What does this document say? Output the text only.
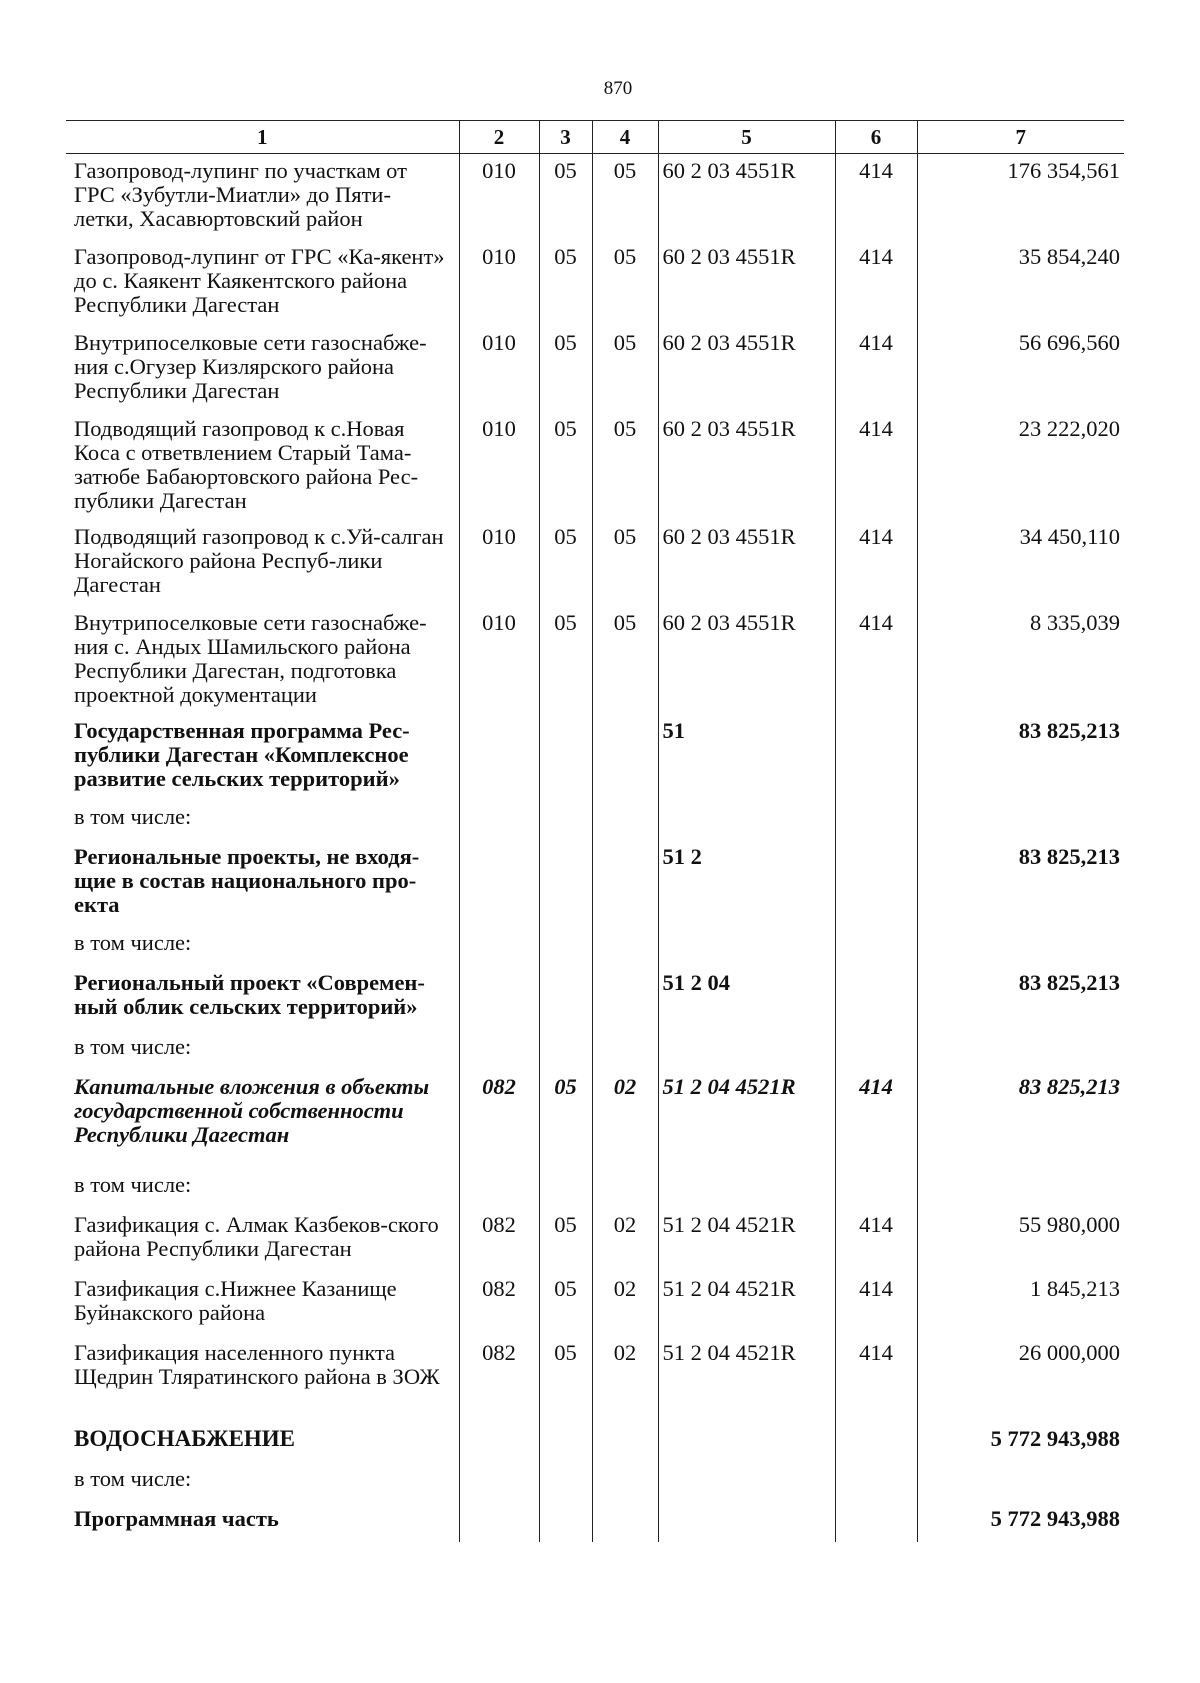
870
1	2	3	4	5	6	7
Газопровод-лупинг по участкам от ГРС «Зубутли-Миатли» до Пяти-летки, Хасавюртовский район	010	05	05	60 2 03 4551R	414	176 354,561
Газопровод-лупинг от ГРС «Ка-якент» до с. Каякент Каякентского района Республики Дагестан	010	05	05	60 2 03 4551R	414	35 854,240
Внутрипоселковые сети газоснабже-ния с.Огузер Кизлярского района Республики Дагестан	010	05	05	60 2 03 4551R	414	56 696,560
Подводящий газопровод к с.Новая Коса с ответвлением Старый Тама-затюбе Бабаюртовского района Рес-публики Дагестан	010	05	05	60 2 03 4551R	414	23 222,020
Подводящий газопровод к с.Уй-салган Ногайского района Респуб-лики Дагестан	010	05	05	60 2 03 4551R	414	34 450,110
Внутрипоселковые сети газоснабже-ния с. Андых Шамильского района Республики Дагестан, подготовка проектной документации	010	05	05	60 2 03 4551R	414	8 335,039
Государственная программа Рес-публики Дагестан «Комплексное развитие сельских территорий»				51		83 825,213
в том числе:						
Региональные проекты, не входя-щие в состав национального про-екта				51 2		83 825,213
в том числе:						
Региональный проект «Современ-ный облик сельских территорий»				51 2 04		83 825,213
в том числе:						
Капитальные вложения в объекты государственной собственности Республики Дагестан	082	05	02	51 2 04 4521R	414	83 825,213
в том числе:						
Газификация с. Алмак Казбеков-ского района Республики Дагестан	082	05	02	51 2 04 4521R	414	55 980,000
Газификация с.Нижнее Казанище Буйнакского района	082	05	02	51 2 04 4521R	414	1 845,213
Газификация населенного пункта Щедрин Тляратинского района в ЗОЖ	082	05	02	51 2 04 4521R	414	26 000,000
ВОДОСНАБЖЕНИЕ						5 772 943,988
в том числе:						
Программная часть						5 772 943,988
